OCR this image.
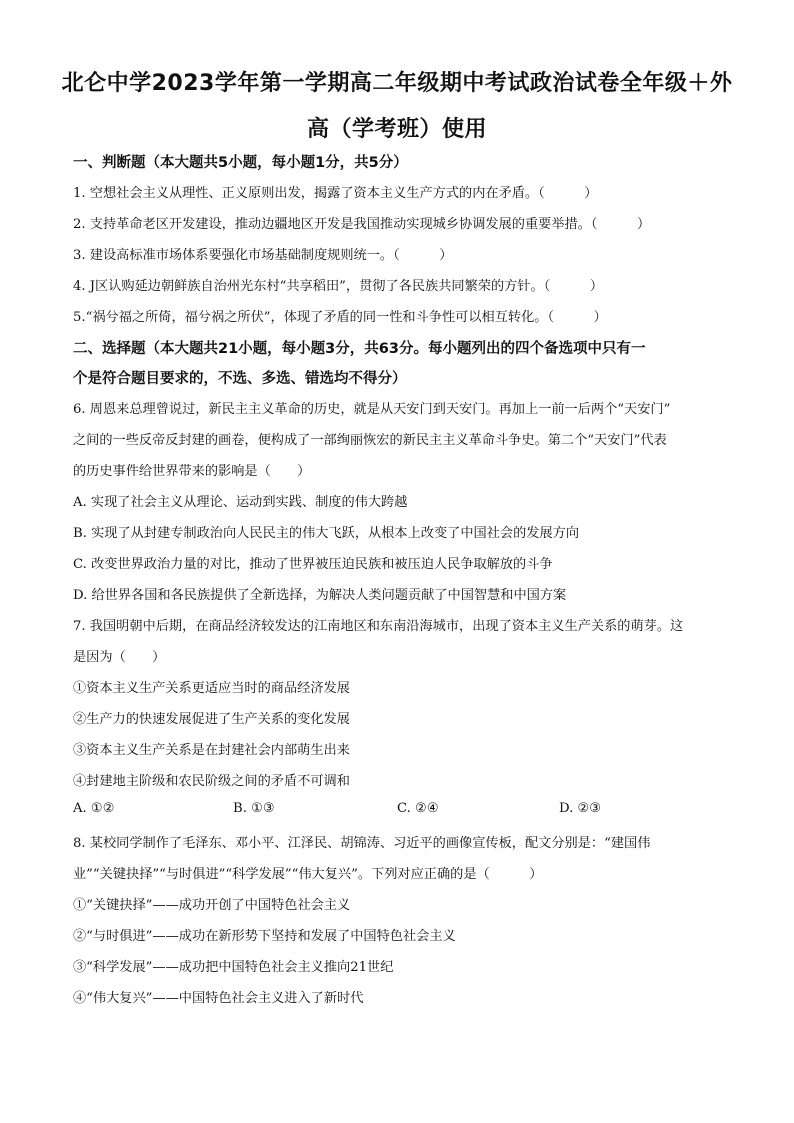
北仑中学2023学年第一学期高二年级期中考试政治试卷全年级＋外
高（学考班）使用
一、判断题（本大题共5小题，每小题1分，共5分）
1. 空想社会主义从理性、正义原则出发，揭露了资本主义生产方式的内在矛盾。（　　　）
2. 支持革命老区开发建设，推动边疆地区开发是我国推动实现城乡协调发展的重要举措。（　　　）
3. 建设高标准市场体系要强化市场基础制度规则统一。（　　　）
4. J区认购延边朝鲜族自治州光东村“共享稻田”，贯彻了各民族共同繁荣的方针。（　　　）
5.“祸兮福之所倚，福兮祸之所伏”，体现了矛盾的同一性和斗争性可以相互转化。（　　　）
二、选择题（本大题共21小题，每小题3分，共63分。每小题列出的四个备选项中只有一
个是符合题目要求的，不选、多选、错选均不得分）
6. 周恩来总理曾说过，新民主主义革命的历史，就是从天安门到天安门。再加上一前一后两个“天安门”
之间的一些反帝反封建的画卷，便构成了一部绚丽恢宏的新民主主义革命斗争史。第二个“天安门”代表
的历史事件给世界带来的影响是（　　）
A. 实现了社会主义从理论、运动到实践、制度的伟大跨越
B. 实现了从封建专制政治向人民民主的伟大飞跃，从根本上改变了中国社会的发展方向
C. 改变世界政治力量的对比，推动了世界被压迫民族和被压迫人民争取解放的斗争
D. 给世界各国和各民族提供了全新选择，为解决人类问题贡献了中国智慧和中国方案
7. 我国明朝中后期，在商品经济较发达的江南地区和东南沿海城市，出现了资本主义生产关系的萌芽。这
是因为（　　）
①资本主义生产关系更适应当时的商品经济发展
②生产力的快速发展促进了生产关系的变化发展
③资本主义生产关系是在封建社会内部萌生出来
④封建地主阶级和农民阶级之间的矛盾不可调和
A. ①②	B. ①③	C. ②④	D. ②③
8. 某校同学制作了毛泽东、邓小平、江泽民、胡锦涛、习近平的画像宣传板，配文分别是：“建国伟
业”“关键抉择”“与时俱进”“科学发展”“伟大复兴”。下列对应正确的是（　　　）
①“关键抉择”——成功开创了中国特色社会主义
②“与时俱进”——成功在新形势下坚持和发展了中国特色社会主义
③“科学发展”——成功把中国特色社会主义推向21世纪
④“伟大复兴”——中国特色社会主义进入了新时代
